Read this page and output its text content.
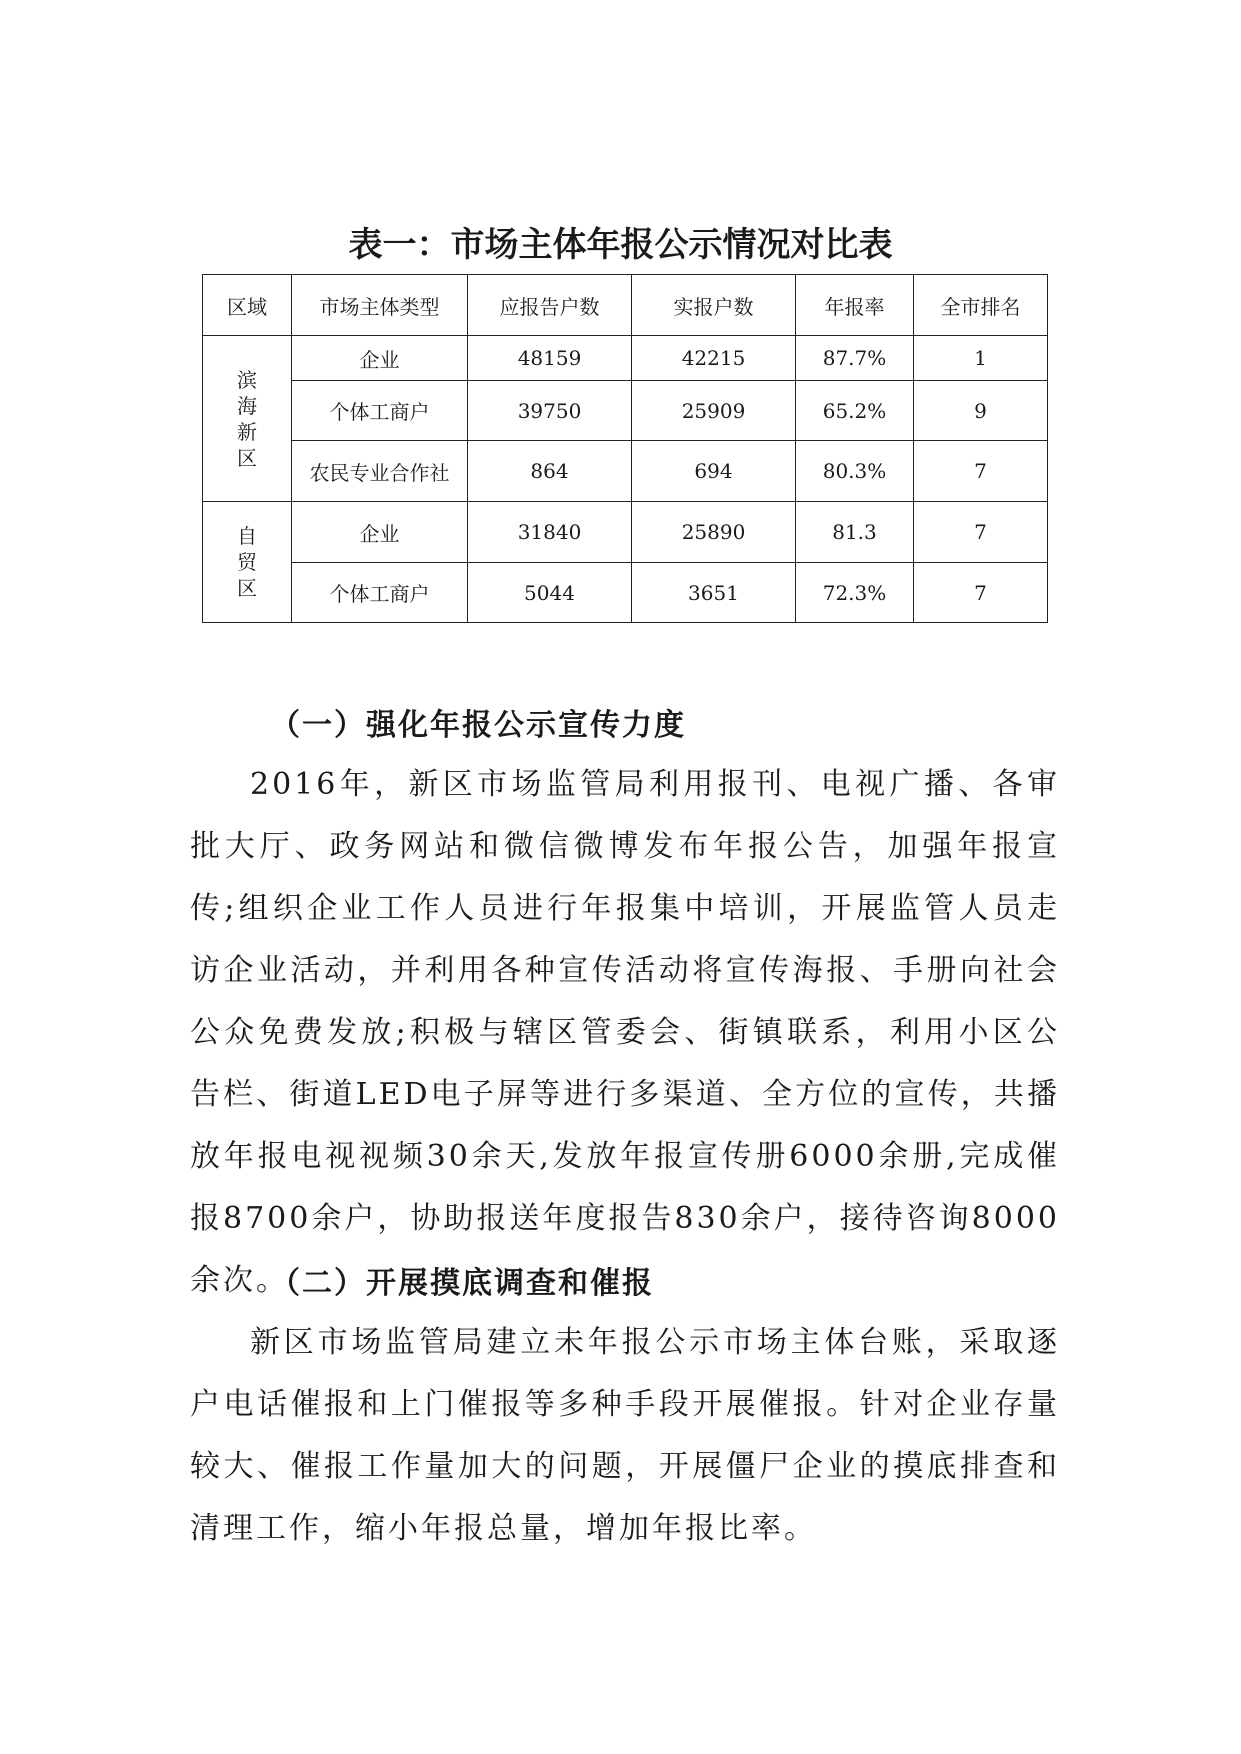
表一：市场主体年报公示情况对比表
区域	市场主体类型	应报告户数	实报户数	年报率	全市排名

滨
海
新
区	企业	48159	42215	87.7%	1
	个体工商户	39750	25909	65.2%	9
	农民专业合作社	864	694	80.3%	7

自
贸
区	企业	31840	25890	81.3	7
	个体工商户	5044	3651	72.3%	7
（一）强化年报公示宣传力度

2016年，新区市场监管局利用报刊、电视广播、各审批大厅、政务网站和微信微博发布年报公告，加强年报宣传;组织企业工作人员进行年报集中培训，开展监管人员走访企业活动，并利用各种宣传活动将宣传海报、手册向社会公众免费发放;积极与辖区管委会、街镇联系，利用小区公告栏、街道LED电子屏等进行多渠道、全方位的宣传，共播放年报电视视频30余天,发放年报宣传册6000余册,完成催报8700余户，协助报送年度报告830余户，接待咨询8000余次。

（二）开展摸底调查和催报

新区市场监管局建立未年报公示市场主体台账，采取逐户电话催报和上门催报等多种手段开展催报。针对企业存量较大、催报工作量加大的问题，开展僵尸企业的摸底排查和清理工作，缩小年报总量，增加年报比率。
